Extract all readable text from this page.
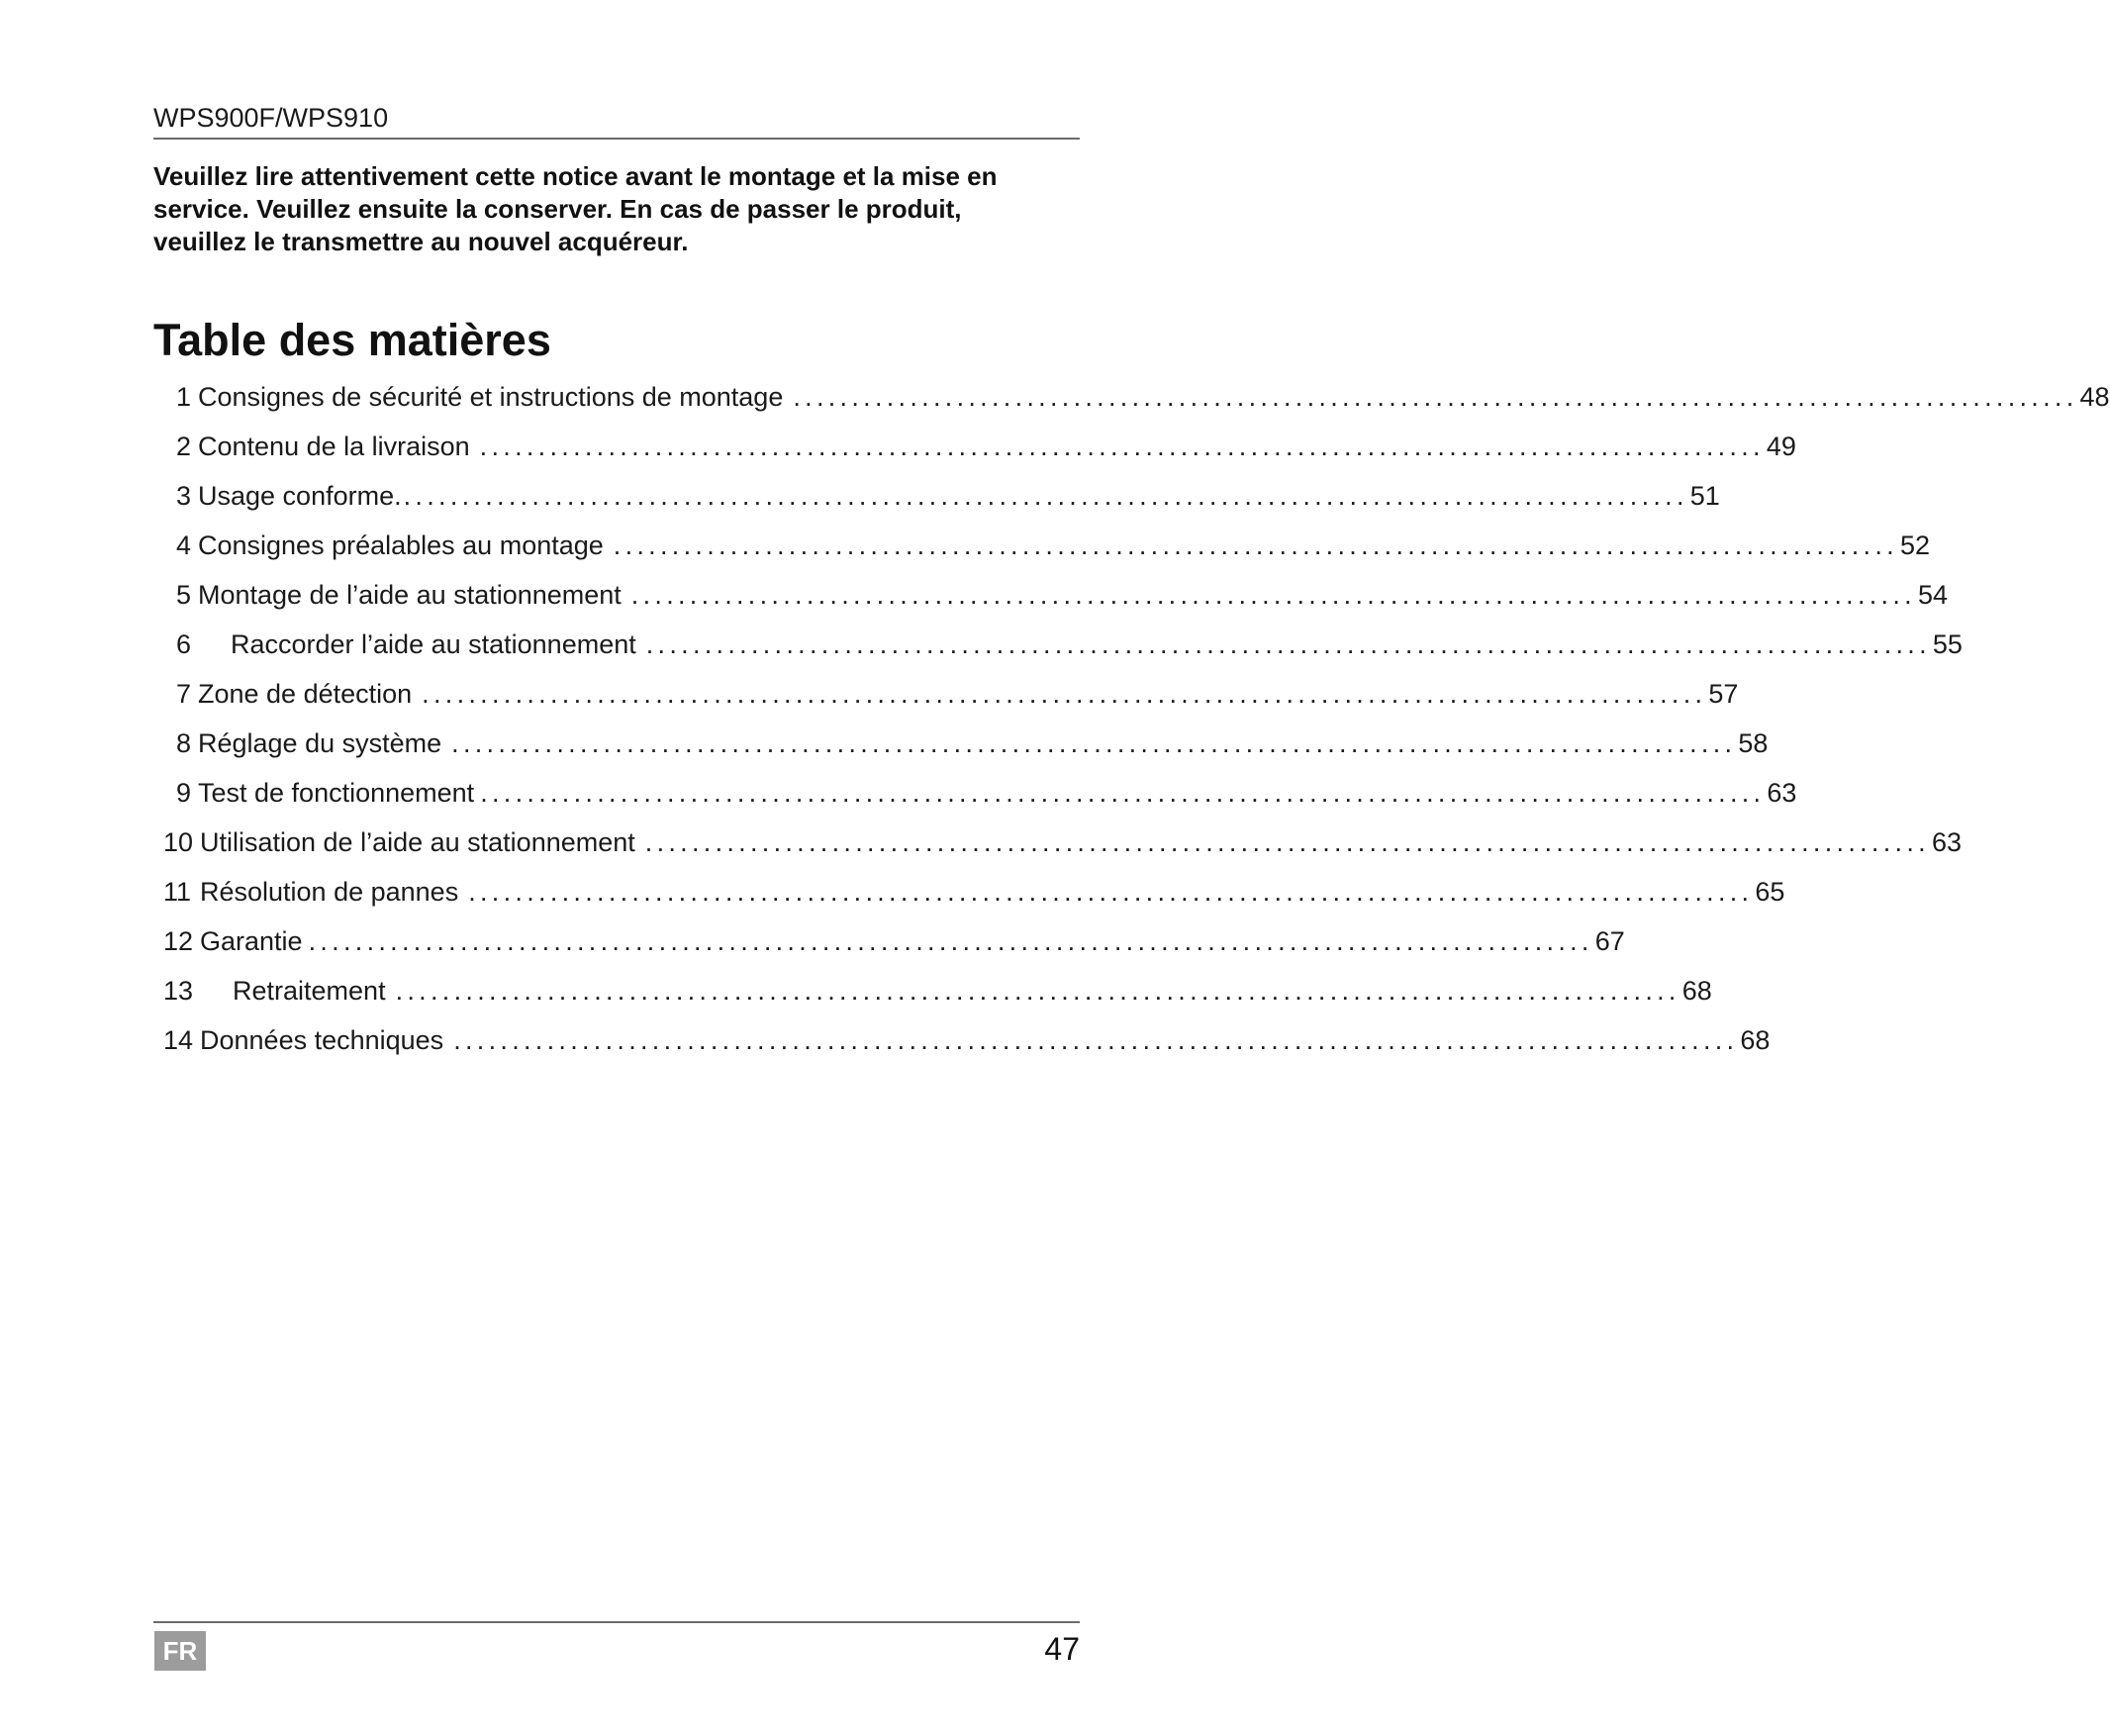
WPS900F/WPS910
Veuillez lire attentivement cette notice avant le montage et la mise en
service. Veuillez ensuite la conserver. En cas de passer le produit,
veuillez le transmettre au nouvel acquéreur.
Table des matières
1 Consignes de sécurité et instructions de montage .............................................................................................................. 48
2 Contenu de la livraison .............................................................................................................. 49
3 Usage conforme. .............................................................................................................. 51
4 Consignes préalables au montage .............................................................................................................. 52
5 Montage de l’aide au stationnement .............................................................................................................. 54
6	Raccorder l’aide au stationnement .............................................................................................................. 55
7 Zone de détection .............................................................................................................. 57
8 Réglage du système .............................................................................................................. 58
9 Test de fonctionnement .............................................................................................................. 63
10 Utilisation de l’aide au stationnement .............................................................................................................. 63
11 Résolution de pannes .............................................................................................................. 65
12 Garantie .............................................................................................................. 67
13	Retraitement .............................................................................................................. 68
14 Données techniques .............................................................................................................. 68
FR	47
